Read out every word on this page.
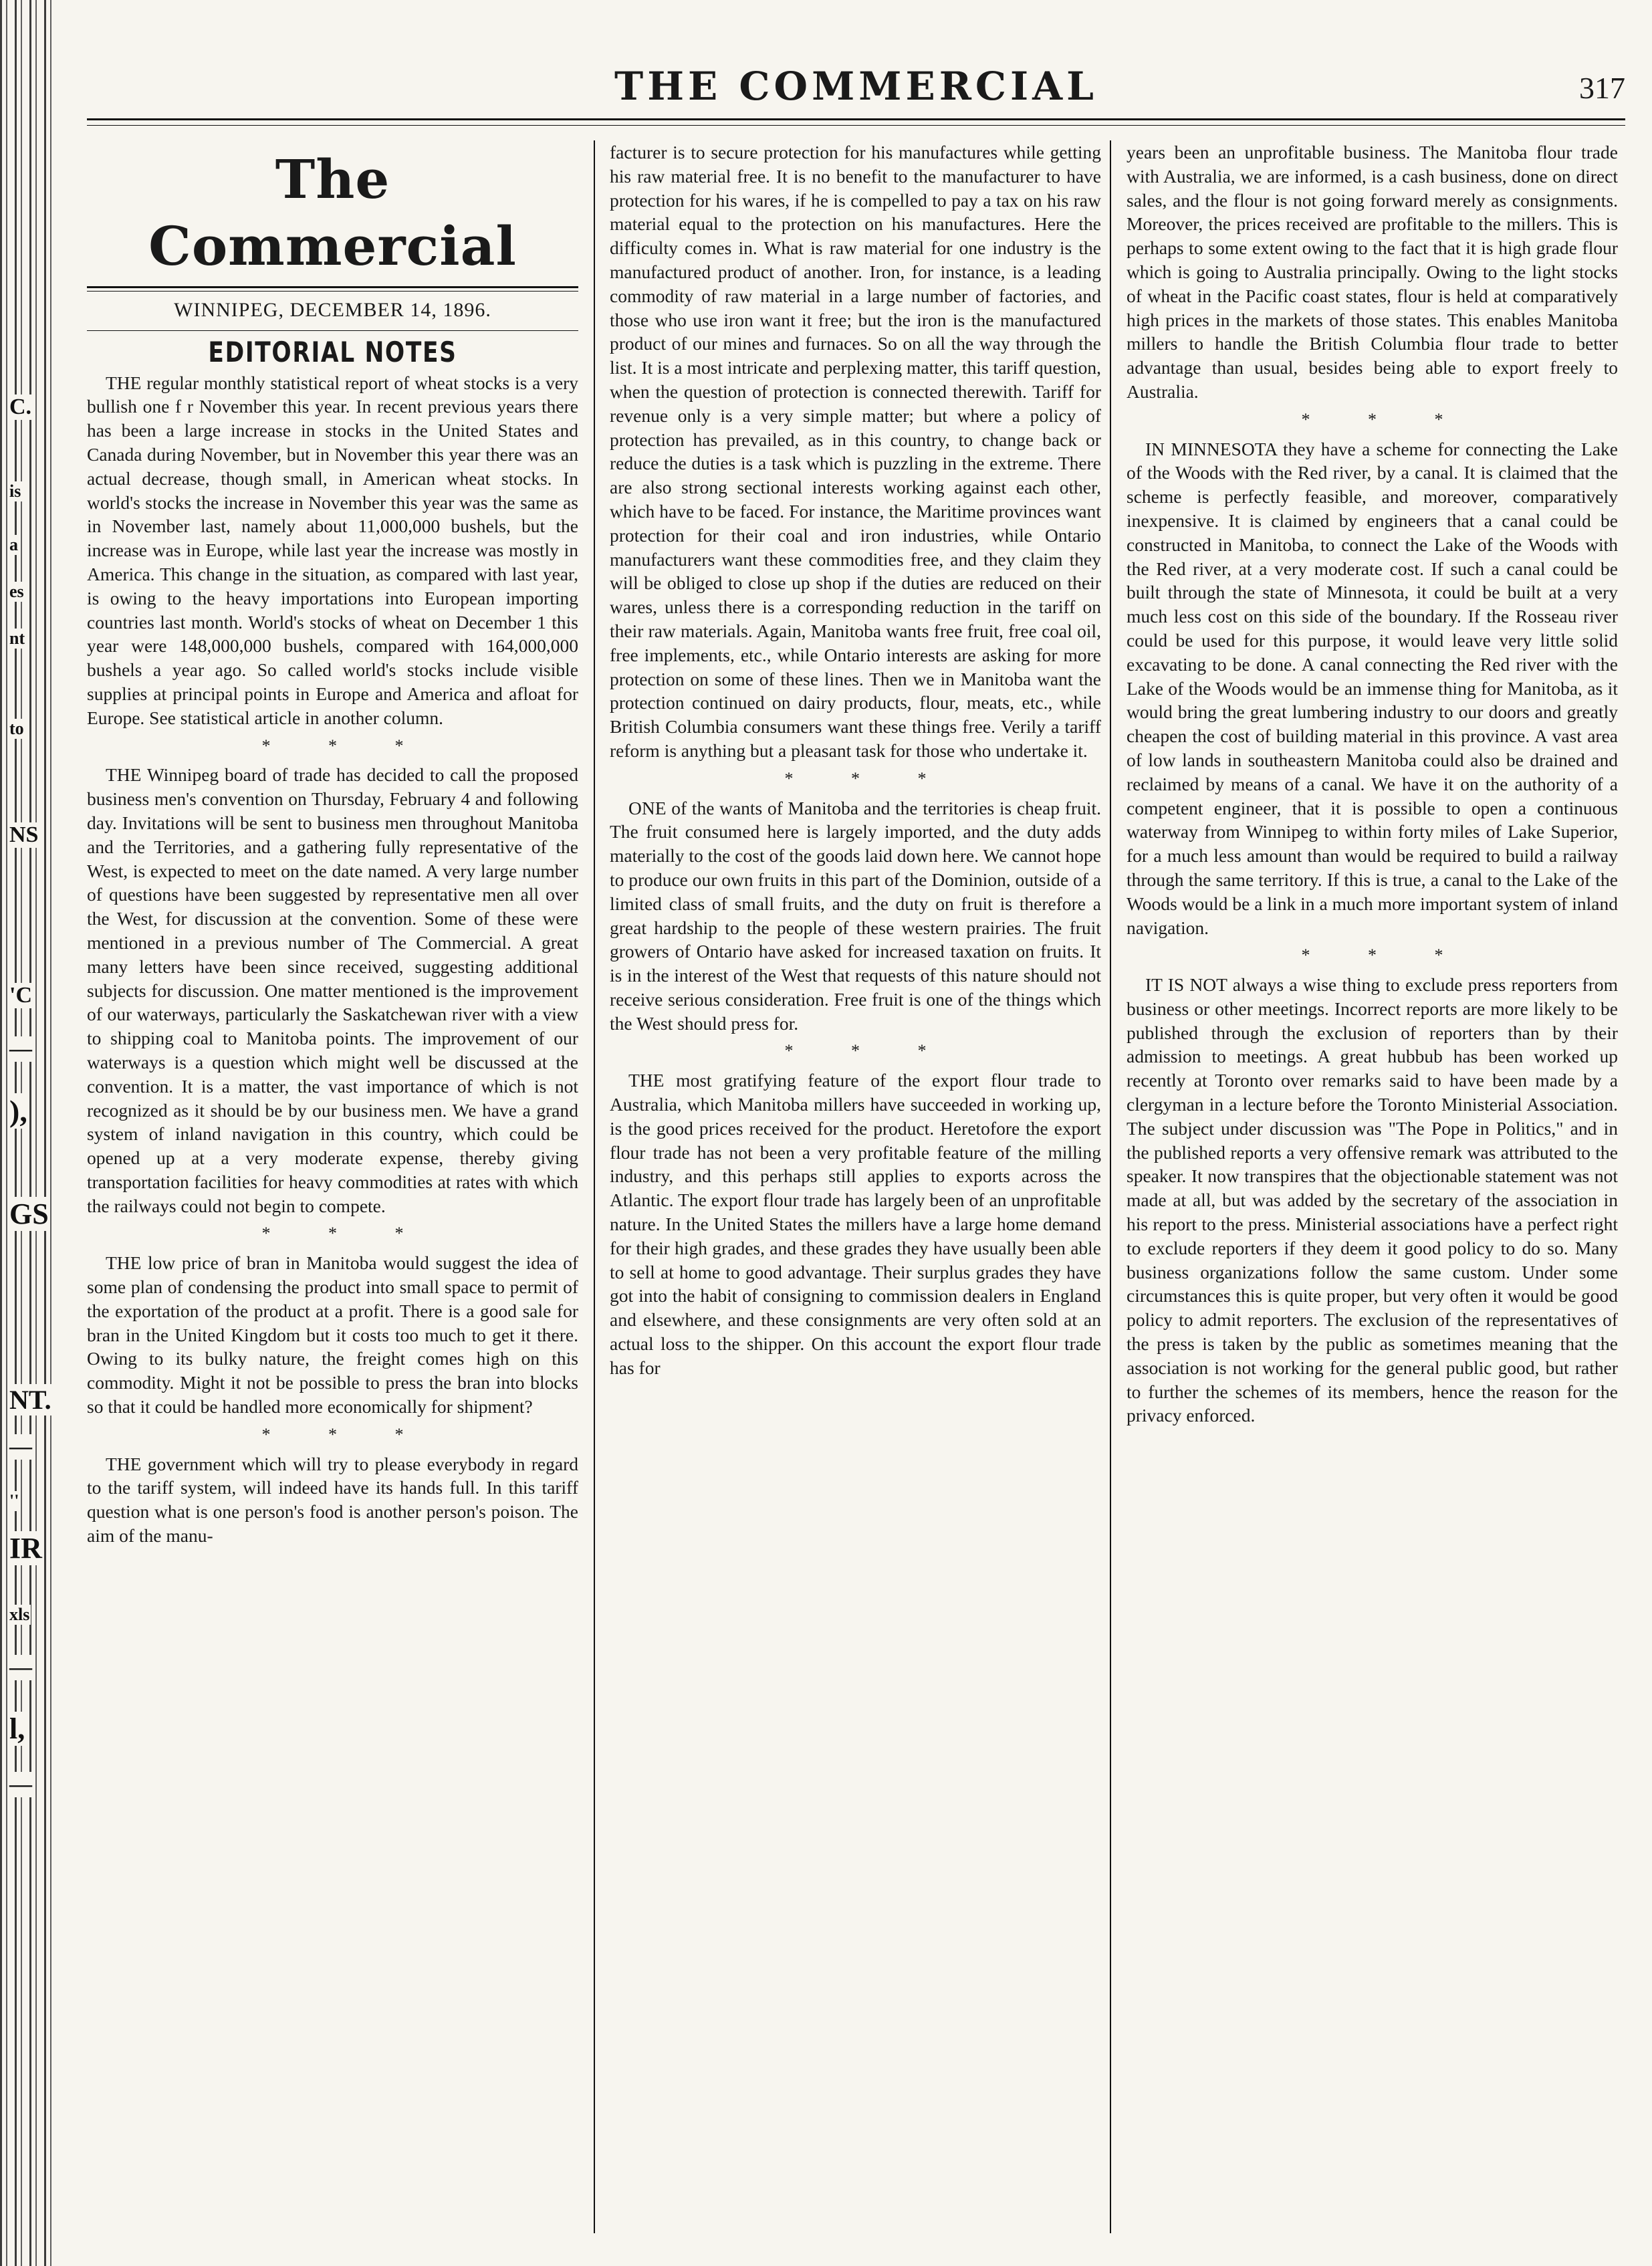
C.
is
a
es
nt
to
NS
'C
—
),
GS
NT.
—
''
IR
xls
—
l,
—
THE COMMERCIAL	317
The Commercial
WINNIPEG, DECEMBER 14, 1896.
EDITORIAL NOTES

THE regular monthly statistical report of wheat stocks is a very bullish one f r November this year. In recent previous years there has been a large increase in stocks in the United States and Canada during November, but in November this year there was an actual decrease, though small, in American wheat stocks. In world's stocks the increase in November this year was the same as in November last, namely about 11,000,000 bushels, but the increase was in Europe, while last year the increase was mostly in America. This change in the situation, as compared with last year, is owing to the heavy importations into European importing countries last month. World's stocks of wheat on December 1 this year were 148,000,000 bushels, compared with 164,000,000 bushels a year ago. So called world's stocks include visible supplies at principal points in Europe and America and afloat for Europe. See statistical article in another column.

* * *

THE Winnipeg board of trade has decided to call the proposed business men's convention on Thursday, February 4 and following day. Invitations will be sent to business men throughout Manitoba and the Territories, and a gathering fully representative of the West, is expected to meet on the date named. A very large number of questions have been suggested by representative men all over the West, for discussion at the convention. Some of these were mentioned in a previous number of The Commercial. A great many letters have been since received, suggesting additional subjects for discussion. One matter mentioned is the improvement of our waterways, particularly the Saskatchewan river with a view to shipping coal to Manitoba points. The improvement of our waterways is a question which might well be discussed at the convention. It is a matter, the vast importance of which is not recognized as it should be by our business men. We have a grand system of inland navigation in this country, which could be opened up at a very moderate expense, thereby giving transportation facilities for heavy commodities at rates with which the railways could not begin to compete.

* * *

THE low price of bran in Manitoba would suggest the idea of some plan of condensing the product into small space to permit of the exportation of the product at a profit. There is a good sale for bran in the United Kingdom but it costs too much to get it there. Owing to its bulky nature, the freight comes high on this commodity. Might it not be possible to press the bran into blocks so that it could be handled more economically for shipment?

* * *

THE government which will try to please everybody in regard to the tariff system, will indeed have its hands full. In this tariff question what is one person's food is another person's poison. The aim of the manu-

facturer is to secure protection for his manufactures while getting his raw material free. It is no benefit to the manufacturer to have protection for his wares, if he is compelled to pay a tax on his raw material equal to the protection on his manufactures. Here the difficulty comes in. What is raw material for one industry is the manufactured product of another. Iron, for instance, is a leading commodity of raw material in a large number of factories, and those who use iron want it free; but the iron is the manufactured product of our mines and furnaces. So on all the way through the list. It is a most intricate and perplexing matter, this tariff question, when the question of protection is connected therewith. Tariff for revenue only is a very simple matter; but where a policy of protection has prevailed, as in this country, to change back or reduce the duties is a task which is puzzling in the extreme. There are also strong sectional interests working against each other, which have to be faced. For instance, the Maritime provinces want protection for their coal and iron industries, while Ontario manufacturers want these commodities free, and they claim they will be obliged to close up shop if the duties are reduced on their wares, unless there is a corresponding reduction in the tariff on their raw materials. Again, Manitoba wants free fruit, free coal oil, free implements, etc., while Ontario interests are asking for more protection on some of these lines. Then we in Manitoba want the protection continued on dairy products, flour, meats, etc., while British Columbia consumers want these things free. Verily a tariff reform is anything but a pleasant task for those who undertake it.

* * *

ONE of the wants of Manitoba and the territories is cheap fruit. The fruit consumed here is largely imported, and the duty adds materially to the cost of the goods laid down here. We cannot hope to produce our own fruits in this part of the Dominion, outside of a limited class of small fruits, and the duty on fruit is therefore a great hardship to the people of these western prairies. The fruit growers of Ontario have asked for increased taxation on fruits. It is in the interest of the West that requests of this nature should not receive serious consideration. Free fruit is one of the things which the West should press for.

* * *

THE most gratifying feature of the export flour trade to Australia, which Manitoba millers have succeeded in working up, is the good prices received for the product. Heretofore the export flour trade has not been a very profitable feature of the milling industry, and this perhaps still applies to exports across the Atlantic. The export flour trade has largely been of an unprofitable nature. In the United States the millers have a large home demand for their high grades, and these grades they have usually been able to sell at home to good advantage. Their surplus grades they have got into the habit of consigning to commission dealers in England and elsewhere, and these consignments are very often sold at an actual loss to the shipper. On this account the export flour trade has for

years been an unprofitable business. The Manitoba flour trade with Australia, we are informed, is a cash business, done on direct sales, and the flour is not going forward merely as consignments. Moreover, the prices received are profitable to the millers. This is perhaps to some extent owing to the fact that it is high grade flour which is going to Australia principally. Owing to the light stocks of wheat in the Pacific coast states, flour is held at comparatively high prices in the markets of those states. This enables Manitoba millers to handle the British Columbia flour trade to better advantage than usual, besides being able to export freely to Australia.

* * *

IN MINNESOTA they have a scheme for connecting the Lake of the Woods with the Red river, by a canal. It is claimed that the scheme is perfectly feasible, and moreover, comparatively inexpensive. It is claimed by engineers that a canal could be constructed in Manitoba, to connect the Lake of the Woods with the Red river, at a very moderate cost. If such a canal could be built through the state of Minnesota, it could be built at a very much less cost on this side of the boundary. If the Rosseau river could be used for this purpose, it would leave very little solid excavating to be done. A canal connecting the Red river with the Lake of the Woods would be an immense thing for Manitoba, as it would bring the great lumbering industry to our doors and greatly cheapen the cost of building material in this province. A vast area of low lands in southeastern Manitoba could also be drained and reclaimed by means of a canal. We have it on the authority of a competent engineer, that it is possible to open a continuous waterway from Winnipeg to within forty miles of Lake Superior, for a much less amount than would be required to build a railway through the same territory. If this is true, a canal to the Lake of the Woods would be a link in a much more important system of inland navigation.

* * *

IT IS NOT always a wise thing to exclude press reporters from business or other meetings. Incorrect reports are more likely to be published through the exclusion of reporters than by their admission to meetings. A great hubbub has been worked up recently at Toronto over remarks said to have been made by a clergyman in a lecture before the Toronto Ministerial Association. The subject under discussion was "The Pope in Politics," and in the published reports a very offensive remark was attributed to the speaker. It now transpires that the objectionable statement was not made at all, but was added by the secretary of the association in his report to the press. Ministerial associations have a perfect right to exclude reporters if they deem it good policy to do so. Many business organizations follow the same custom. Under some circumstances this is quite proper, but very often it would be good policy to admit reporters. The exclusion of the representatives of the press is taken by the public as sometimes meaning that the association is not working for the general public good, but rather to further the schemes of its members, hence the reason for the privacy enforced.
